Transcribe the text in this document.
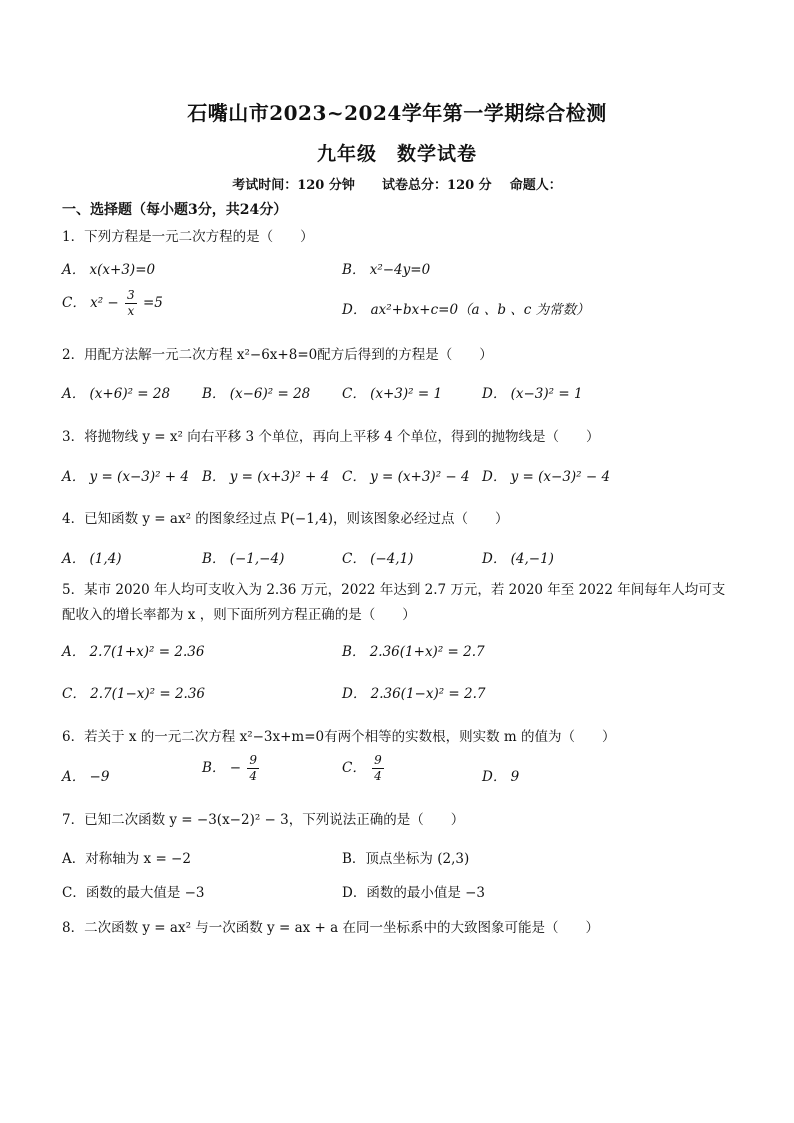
石嘴山市2023~2024学年第一学期综合检测
九年级　数学试卷
考试时间：120 分钟      试卷总分：120 分    命题人：
一、选择题（每小题3分，共24分）
1．下列方程是一元二次方程的是（　　）
A． x(x+3)=0	B． x²−4y=0
C． $x^2 - \frac{3}{x} =5$	D． ax²+bx+c=0（a 、b 、c 为常数）
2．用配方法解一元二次方程 x²−6x+8=0配方后得到的方程是（　　）
A． (x+6)² = 28 B． (x−6)² = 28 C． (x+3)² = 1	D． (x−3)² = 1
3．将抛物线 y = x² 向右平移 3 个单位，再向上平移 4 个单位，得到的抛物线是（　　）
A． y = (x−3)² + 4 B． y = (x+3)² + 4 C． y = (x+3)² − 4 D． y = (x−3)² − 4
4．已知函数 y = ax² 的图象经过点 P(−1,4)，则该图象必经过点（　　）
A． (1,4)	B． (−1,−4)	C． (−4,1)	D． (4,−1)
5．某市 2020 年人均可支收入为 2.36 万元，2022 年达到 2.7 万元，若 2020 年至 2022 年间每年人均可支配收入的增长率都为 x ，则下面所列方程正确的是（　　）
A． 2.7(1+x)² = 2.36	B． 2.36(1+x)² = 2.7
C． 2.7(1−x)² = 2.36	D． 2.36(1−x)² = 2.7
6．若关于 x 的一元二次方程 x²−3x+m=0有两个相等的实数根，则实数 m 的值为（　　）
A． −9
B． − $\frac{9}{4}$	C． $\frac{9}{4}$	D． 9
7．已知二次函数 y = −3(x−2)² − 3，下列说法正确的是（　　）
A．对称轴为 x = −2	B．顶点坐标为 (2,3)
C．函数的最大值是 −3	D．函数的最小值是 −3
8．二次函数 y = ax² 与一次函数 y = ax + a 在同一坐标系中的大致图象可能是（　　）
